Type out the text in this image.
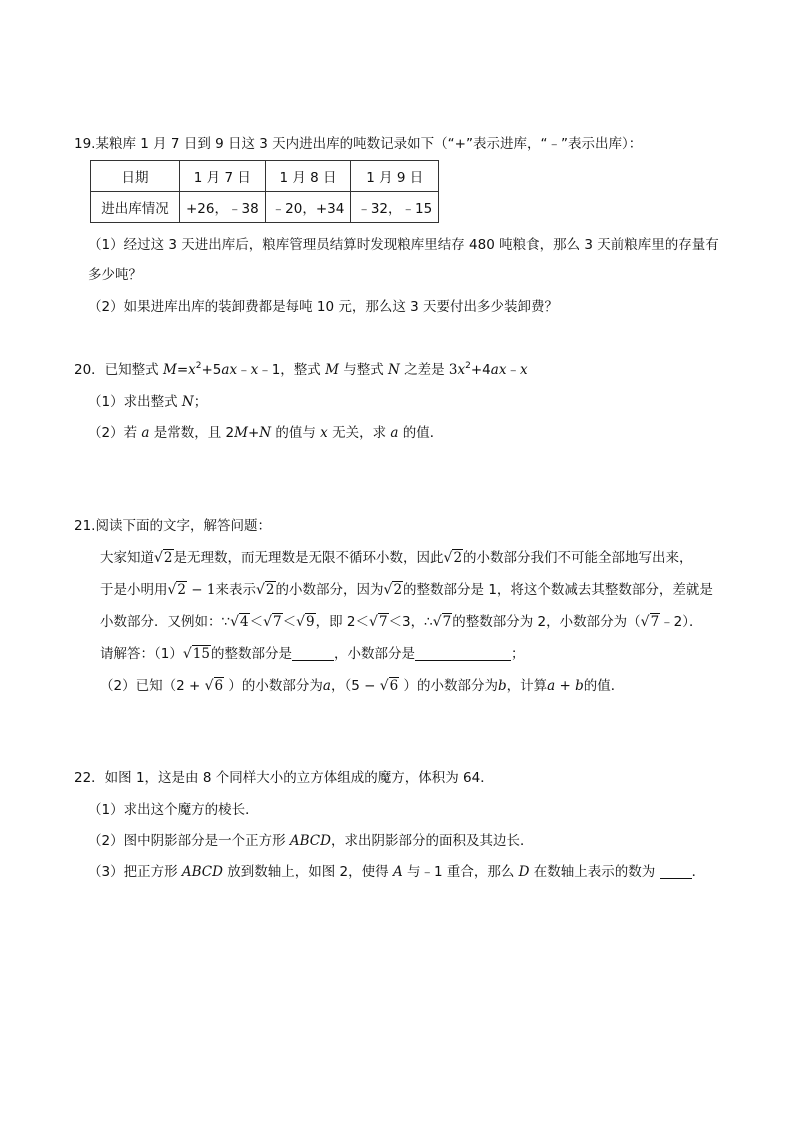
19.某粮库 1 月 7 日到 9 日这 3 天内进出库的吨数记录如下（“+”表示进库，“﹣”表示出库）：
日期	1 月 7 日	1 月 8 日	1 月 9 日
进出库情况	+26，﹣38	﹣20，+34	﹣32，﹣15
（1）经过这 3 天进出库后，粮库管理员结算时发现粮库里结存 480 吨粮食，那么 3 天前粮库里的存量有
多少吨？
（2）如果进库出库的装卸费都是每吨 10 元，那么这 3 天要付出多少装卸费？
20．已知整式 $M=x^2+5ax﹣x﹣1$，整式 M 与整式 N 之差是 $3x^2+4ax﹣x$
（1）求出整式 N；
（2）若 a 是常数，且 2M+N 的值与 x 无关，求 a 的值．
21.阅读下面的文字，解答问题：
大家知道√2是无理数，而无理数是无限不循环小数，因此√2的小数部分我们不可能全部地写出来，
于是小明用√2 − 1来表示√2的小数部分，因为√2的整数部分是 1，将这个数减去其整数部分，差就是
小数部分．又例如：∵√4＜√7＜√9，即 2＜√7＜3，∴√7的整数部分为 2，小数部分为（√7﹣2）．
请解答：（1）√15的整数部分是	，小数部分是	；
（2）已知（2 + √6 ）的小数部分为a，（5 − √6 ）的小数部分为b，计算a + b的值．
22．如图 1，这是由 8 个同样大小的立方体组成的魔方，体积为 64．
（1）求出这个魔方的棱长．
（2）图中阴影部分是一个正方形 ABCD，求出阴影部分的面积及其边长．
（3）把正方形 ABCD 放到数轴上，如图 2，使得 A 与﹣1 重合，那么 D 在数轴上表示的数为 ．
